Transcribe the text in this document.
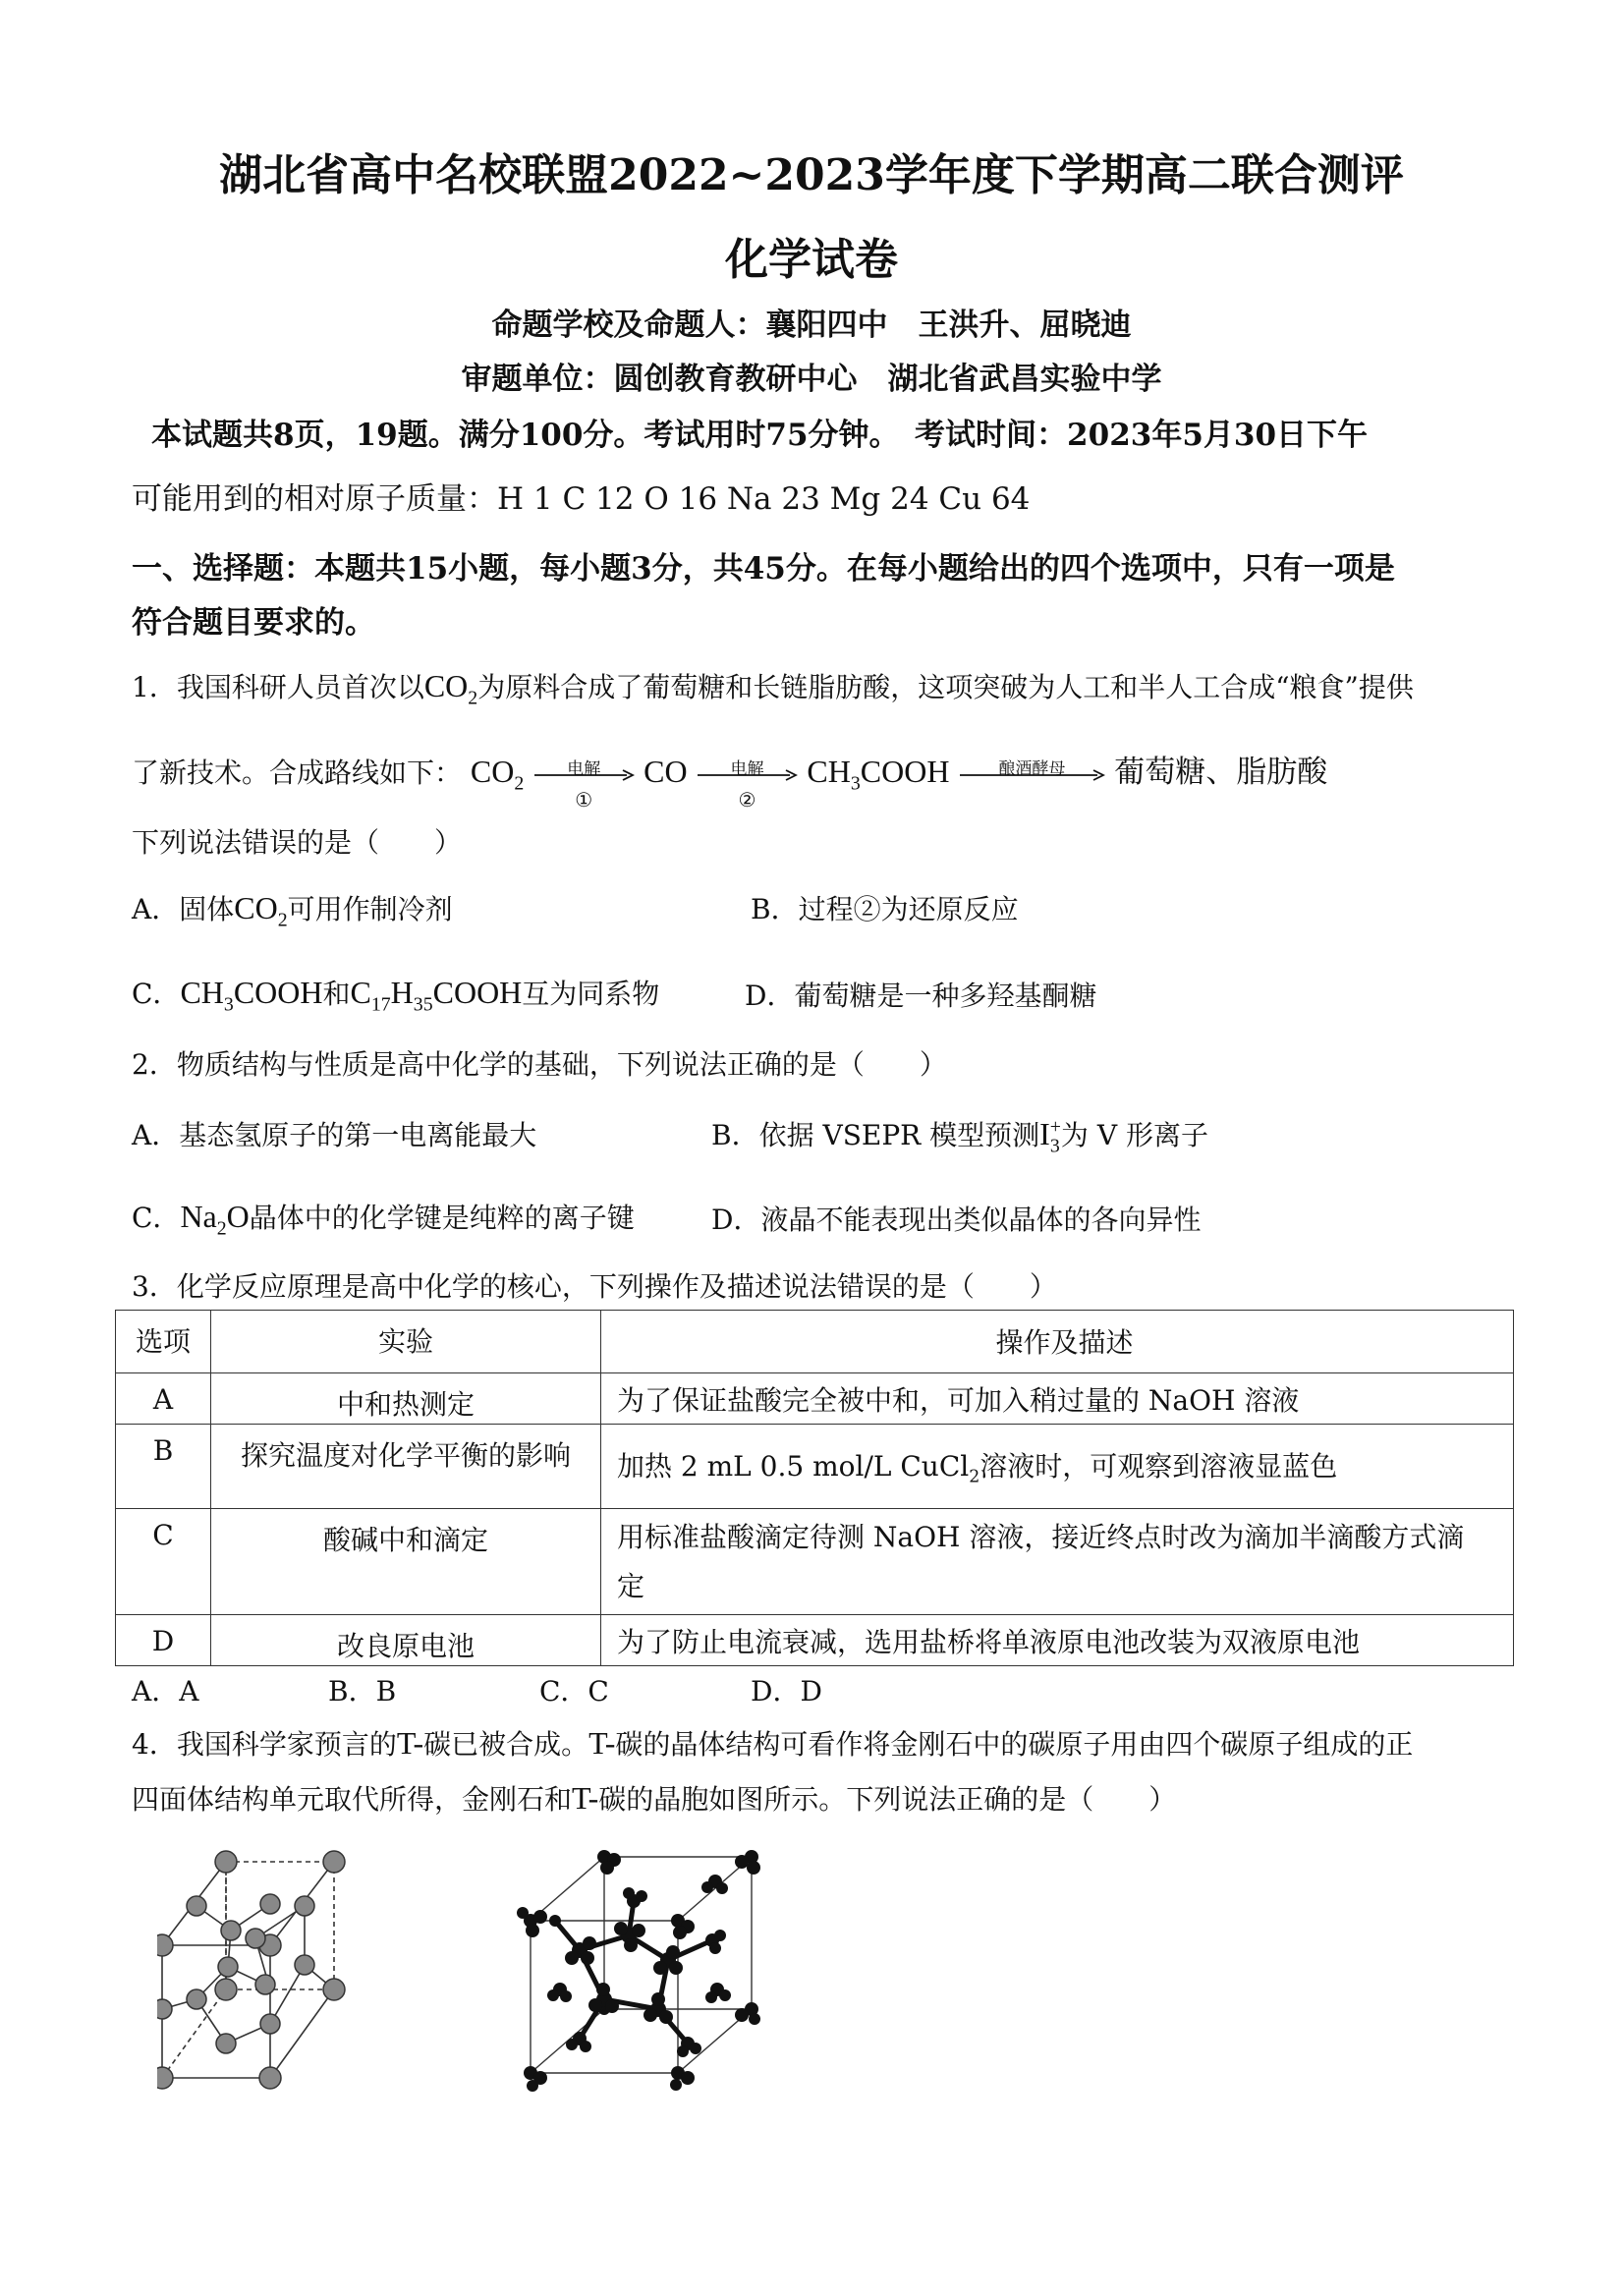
湖北省高中名校联盟2022~2023学年度下学期高二联合测评
化学试卷
命题学校及命题人：襄阳四中　王洪升、屈晓迪
审题单位：圆创教育教研中心　湖北省武昌实验中学
本试题共8页，19题。满分100分。考试用时75分钟。　考试时间：2023年5月30日下午
可能用到的相对原子质量：H 1 C 12 O 16 Na 23 Mg 24 Cu 64
一、选择题：本题共15小题，每小题3分，共45分。在每小题给出的四个选项中，只有一项是
符合题目要求的。
1．我国科研人员首次以$CO_2$为原料合成了葡萄糖和长链脂肪酸，这项突破为人工和半人工合成“粮食”提供
了新技术。合成路线如下： $CO_2$
电解
①
CO	电解
②
$CH_3COOH$	酿酒酵母	葡萄糖、脂肪酸
下列说法错误的是（　　）
A．固体$CO_2$可用作制冷剂	B．过程②为还原反应
C．$CH_3COOH$和$C_{17}H_{35}COOH$互为同系物	D．葡萄糖是一种多羟基酮糖
2．物质结构与性质是高中化学的基础，下列说法正确的是（　　）
A．基态氢原子的第一电离能最大	B．依据 VSEPR 模型预测$I_3^+$为 V 形离子
C．$Na_2O$晶体中的化学键是纯粹的离子键	D．液晶不能表现出类似晶体的各向异性
3．化学反应原理是高中化学的核心，下列操作及描述说法错误的是（　　）
选项	实验	操作及描述
A	中和热测定	为了保证盐酸完全被中和，可加入稍过量的 NaOH 溶液
B	探究温度对化学平衡的影响	加热 2 mL 0.5 mol/L CuCl$_2$溶液时，可观察到溶液显蓝色
C	酸碱中和滴定	用标准盐酸滴定待测 NaOH 溶液，接近终点时改为滴加半滴酸方式滴
定

D	改良原电池	为了防止电流衰减，选用盐桥将单液原电池改装为双液原电池
A．A	B．B	C．C	D．D
4．我国科学家预言的T-碳已被合成。T-碳的晶体结构可看作将金刚石中的碳原子用由四个碳原子组成的正
四面体结构单元取代所得，金刚石和T-碳的晶胞如图所示。下列说法正确的是（　　）
